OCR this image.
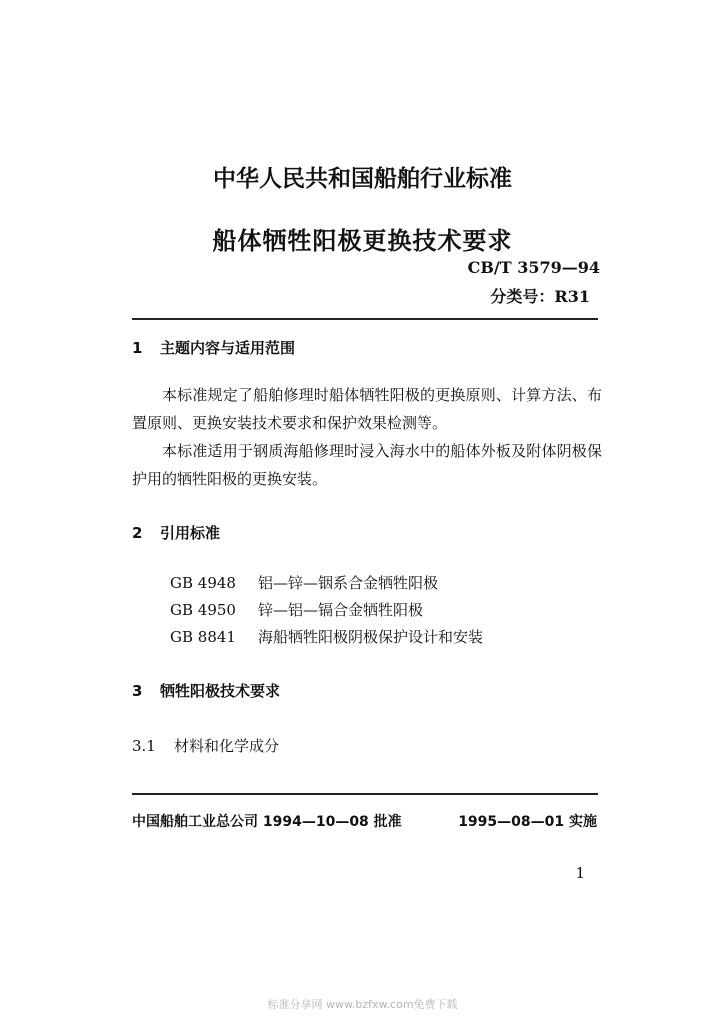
中华人民共和国船舶行业标准
船体牺牲阳极更换技术要求
CB/T 3579—94
分类号：R31
1 主题内容与适用范围

本标准规定了船舶修理时船体牺牲阳极的更换原则、计算方法、布置原则、更换安装技术要求和保护效果检测等。

本标准适用于钢质海船修理时浸入海水中的船体外板及附体阴极保护用的牺牲阳极的更换安装。

2 引用标准
GB 4948 铝—锌—铟系合金牺牲阳极
GB 4950 锌—铝—镉合金牺牲阳极
GB 8841 海船牺牲阳极阴极保护设计和安装
3 牺牲阳极技术要求
3.1 材料和化学成分
中国船舶工业总公司 1994—10—08 批准	1995—08—01 实施
1
标准分享网 www.bzfxw.com免费下载
